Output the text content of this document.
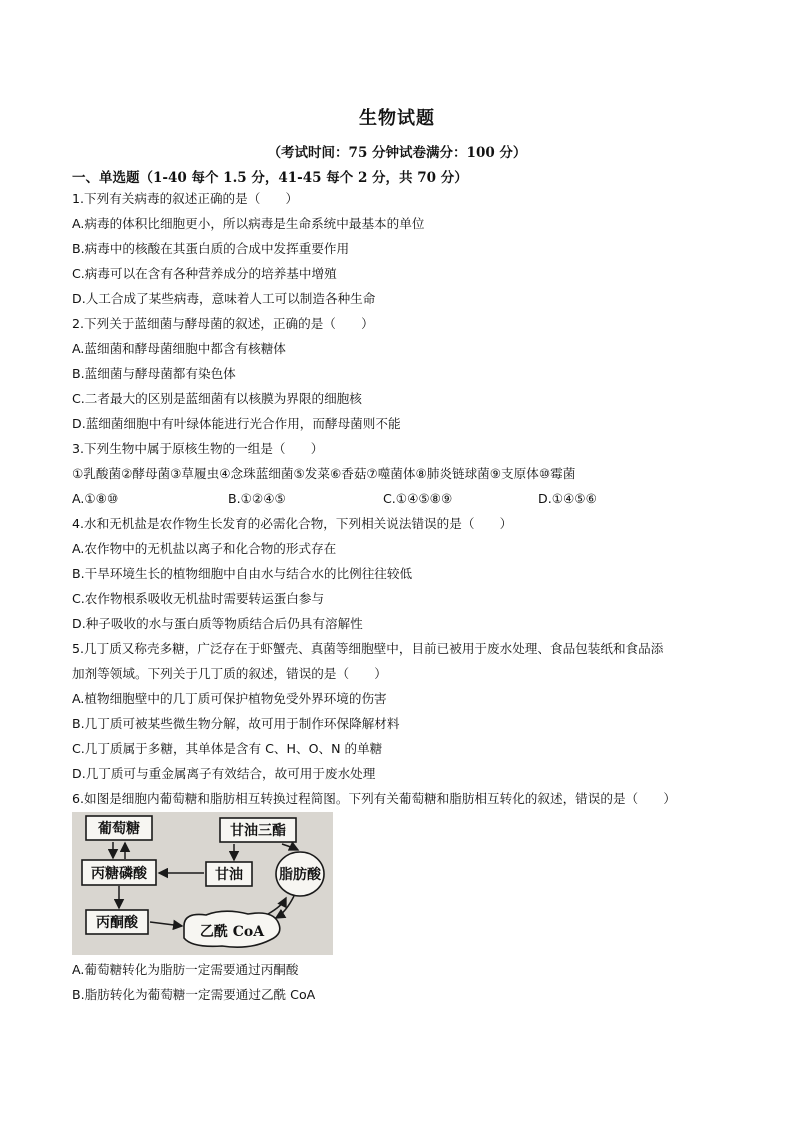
生物试题
（考试时间：75 分钟试卷满分：100 分）
一、单选题（1-40 每个 1.5 分，41-45 每个 2 分，共 70 分）
1.下列有关病毒的叙述正确的是（　　）
A.病毒的体积比细胞更小，所以病毒是生命系统中最基本的单位
B.病毒中的核酸在其蛋白质的合成中发挥重要作用
C.病毒可以在含有各种营养成分的培养基中增殖
D.人工合成了某些病毒，意味着人工可以制造各种生命
2.下列关于蓝细菌与酵母菌的叙述，正确的是（　　）
A.蓝细菌和酵母菌细胞中都含有核糖体
B.蓝细菌与酵母菌都有染色体
C.二者最大的区别是蓝细菌有以核膜为界限的细胞核
D.蓝细菌细胞中有叶绿体能进行光合作用，而酵母菌则不能
3.下列生物中属于原核生物的一组是（　　）
①乳酸菌②酵母菌③草履虫④念珠蓝细菌⑤发菜⑥香菇⑦噬菌体⑧肺炎链球菌⑨支原体⑩霉菌
A.①⑧⑩	B.①②④⑤	C.①④⑤⑧⑨	D.①④⑤⑥
4.水和无机盐是农作物生长发育的必需化合物，下列相关说法错误的是（　　）
A.农作物中的无机盐以离子和化合物的形式存在
B.干旱环境生长的植物细胞中自由水与结合水的比例往往较低
C.农作物根系吸收无机盐时需要转运蛋白参与
D.种子吸收的水与蛋白质等物质结合后仍具有溶解性
5.几丁质又称壳多糖，广泛存在于虾蟹壳、真菌等细胞壁中，目前已被用于废水处理、食品包装纸和食品添
加剂等领域。下列关于几丁质的叙述，错误的是（　　）
A.植物细胞壁中的几丁质可保护植物免受外界环境的伤害
B.几丁质可被某些微生物分解，故可用于制作环保降解材料
C.几丁质属于多糖，其单体是含有 C、H、O、N 的单糖
D.几丁质可与重金属离子有效结合，故可用于废水处理
6.如图是细胞内葡萄糖和脂肪相互转换过程简图。下列有关葡萄糖和脂肪相互转化的叙述，错误的是（　　）
葡萄糖	甘油三酯
丙糖磷酸	甘油	脂肪酸
丙酮酸
乙酰 CoA
A.葡萄糖转化为脂肪一定需要通过丙酮酸
B.脂肪转化为葡萄糖一定需要通过乙酰 CoA
